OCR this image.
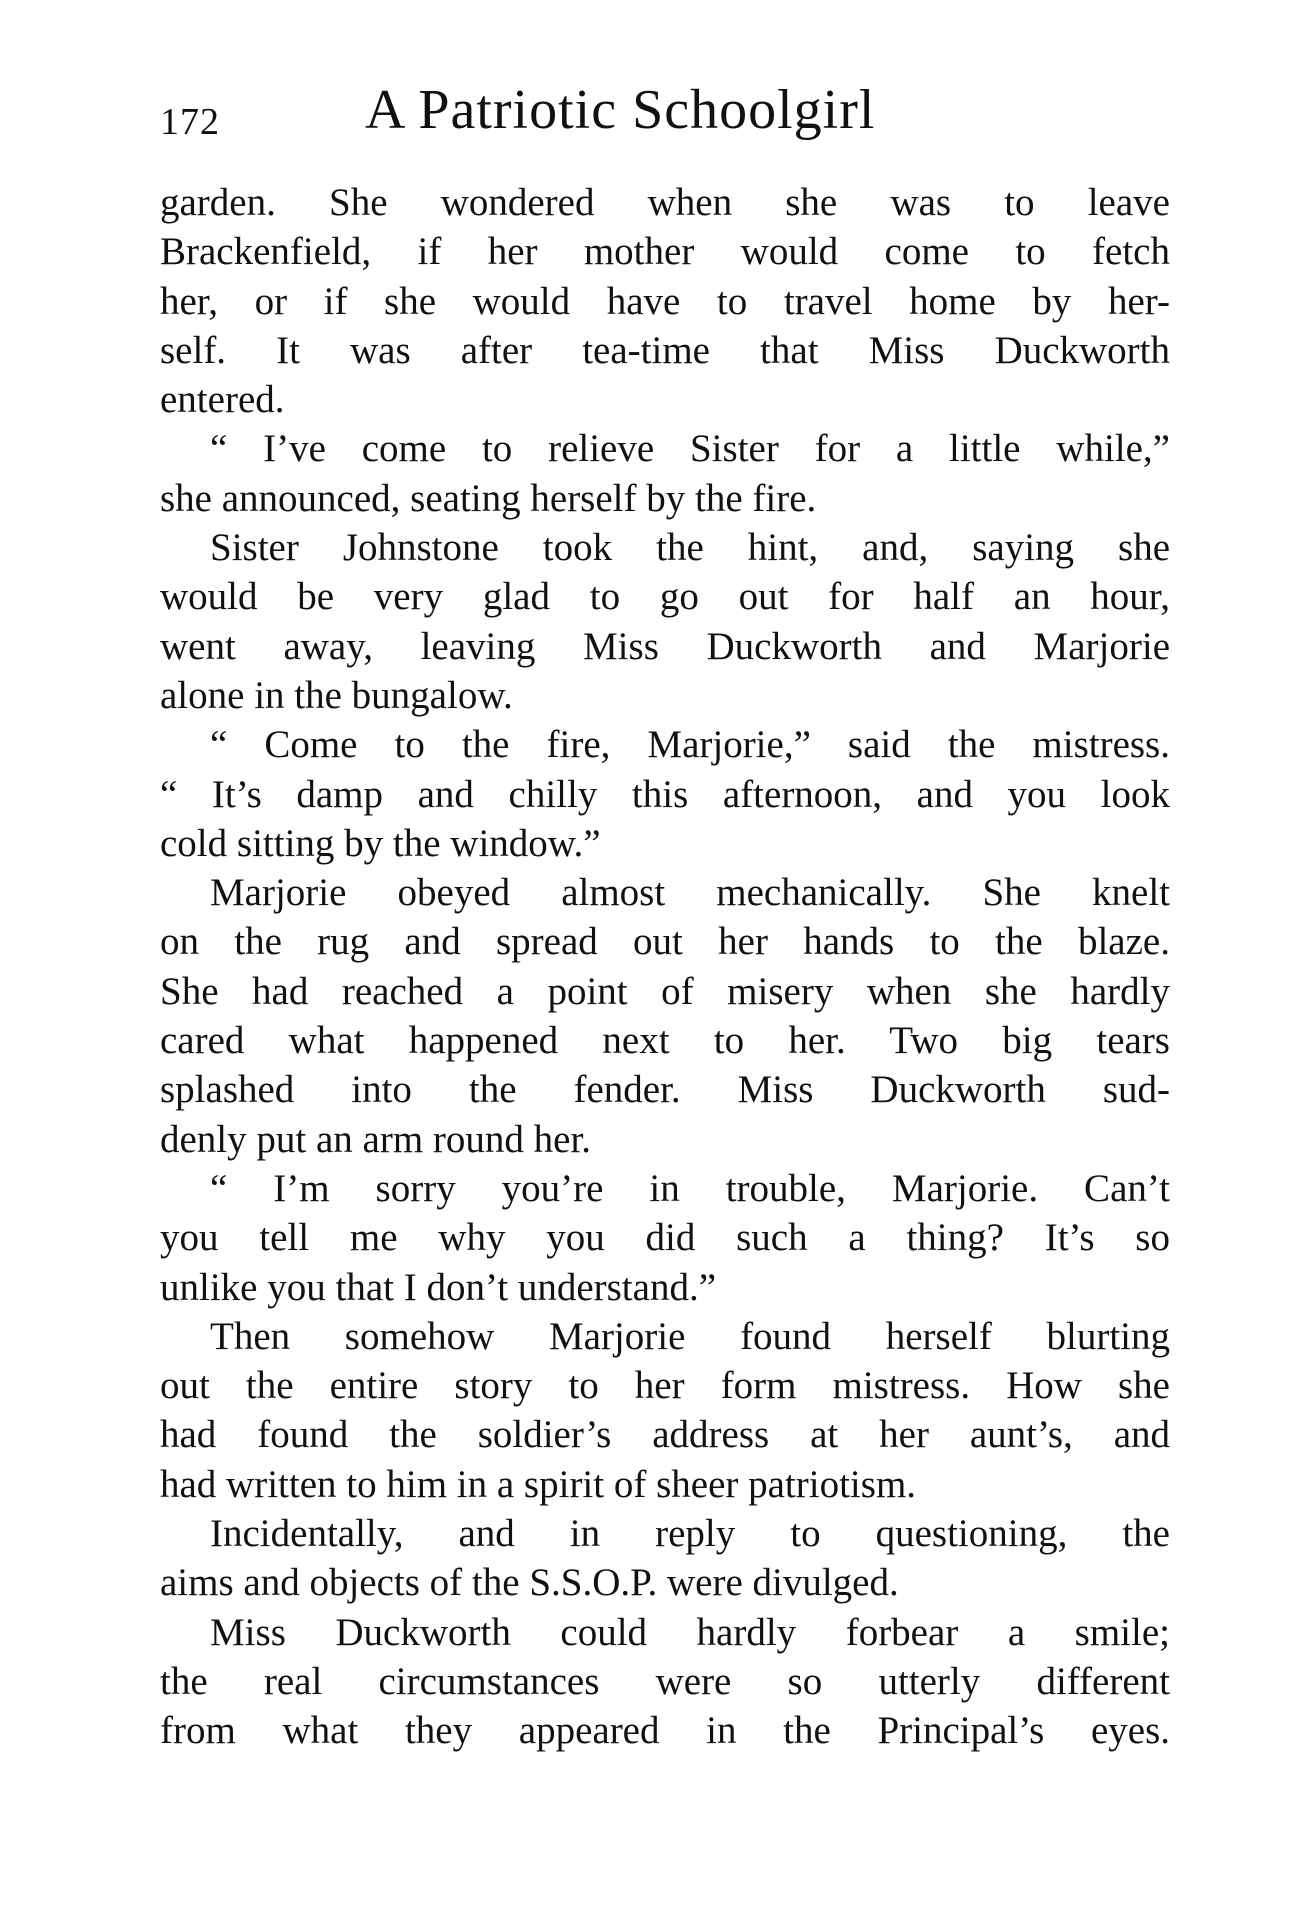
172	A Patriotic Schoolgirl
garden. She wondered when she was to leave
Brackenfield, if her mother would come to fetch
her, or if she would have to travel home by her-
self. It was after tea-time that Miss Duckworth
entered.
“ I’ve come to relieve Sister for a little while,”
she announced, seating herself by the fire.
Sister Johnstone took the hint, and, saying she
would be very glad to go out for half an hour,
went away, leaving Miss Duckworth and Marjorie
alone in the bungalow.
“ Come to the fire, Marjorie,” said the mistress.
“ It’s damp and chilly this afternoon, and you look
cold sitting by the window.”
Marjorie obeyed almost mechanically. She knelt
on the rug and spread out her hands to the blaze.
She had reached a point of misery when she hardly
cared what happened next to her. Two big tears
splashed into the fender. Miss Duckworth sud-
denly put an arm round her.
“ I’m sorry you’re in trouble, Marjorie. Can’t
you tell me why you did such a thing? It’s so
unlike you that I don’t understand.”
Then somehow Marjorie found herself blurting
out the entire story to her form mistress. How she
had found the soldier’s address at her aunt’s, and
had written to him in a spirit of sheer patriotism.
Incidentally, and in reply to questioning, the
aims and objects of the S.S.O.P. were divulged.
Miss Duckworth could hardly forbear a smile;
the real circumstances were so utterly different
from what they appeared in the Principal’s eyes.
